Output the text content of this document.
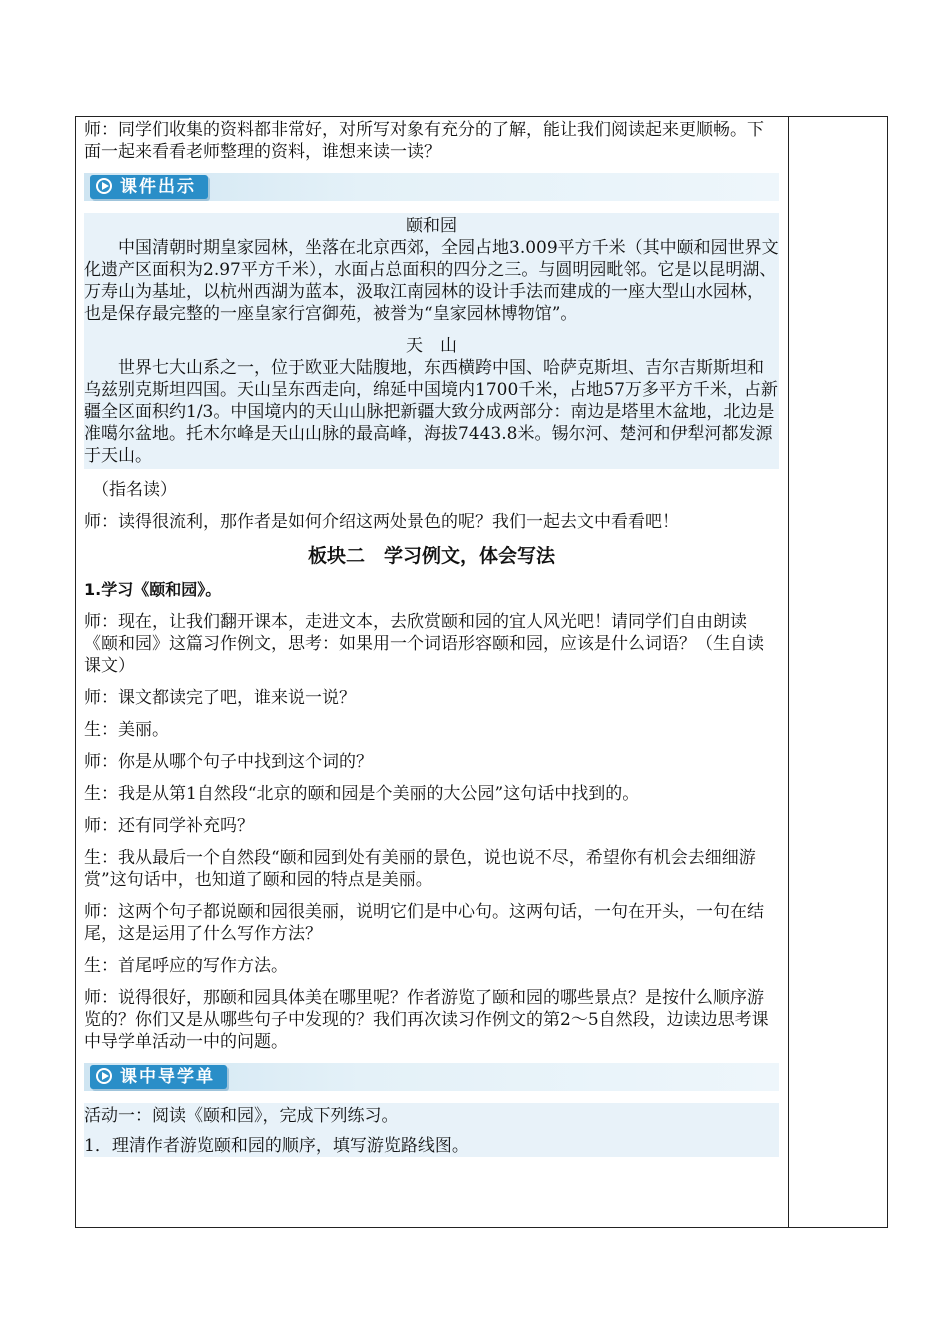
师：同学们收集的资料都非常好，对所写对象有充分的了解，能让我们阅读起来更顺畅。下面一起来看看老师整理的资料，谁想来读一读？

课件出示

颐和园

中国清朝时期皇家园林，坐落在北京西郊，全园占地3.009平方千米（其中颐和园世界文化遗产区面积为2.97平方千米），水面占总面积的四分之三。与圆明园毗邻。它是以昆明湖、万寿山为基址，以杭州西湖为蓝本，汲取江南园林的设计手法而建成的一座大型山水园林，也是保存最完整的一座皇家行宫御苑，被誉为“皇家园林博物馆”。

天　山

世界七大山系之一，位于欧亚大陆腹地，东西横跨中国、哈萨克斯坦、吉尔吉斯斯坦和乌兹别克斯坦四国。天山呈东西走向，绵延中国境内1700千米，占地57万多平方千米，占新疆全区面积约1/3。中国境内的天山山脉把新疆大致分成两部分：南边是塔里木盆地，北边是准噶尔盆地。托木尔峰是天山山脉的最高峰，海拔7443.8米。锡尔河、楚河和伊犁河都发源于天山。

（指名读）

师：读得很流利，那作者是如何介绍这两处景色的呢？我们一起去文中看看吧！

板块二　学习例文，体会写法

1.学习《颐和园》。

师：现在，让我们翻开课本，走进文本，去欣赏颐和园的宜人风光吧！请同学们自由朗读《颐和园》这篇习作例文，思考：如果用一个词语形容颐和园，应该是什么词语？（生自读课文）

师：课文都读完了吧，谁来说一说？

生：美丽。

师：你是从哪个句子中找到这个词的？

生：我是从第1自然段“北京的颐和园是个美丽的大公园”这句话中找到的。

师：还有同学补充吗？

生：我从最后一个自然段“颐和园到处有美丽的景色，说也说不尽，希望你有机会去细细游赏”这句话中，也知道了颐和园的特点是美丽。

师：这两个句子都说颐和园很美丽，说明它们是中心句。这两句话，一句在开头，一句在结尾，这是运用了什么写作方法？

生：首尾呼应的写作方法。

师：说得很好，那颐和园具体美在哪里呢？作者游览了颐和园的哪些景点？是按什么顺序游览的？你们又是从哪些句子中发现的？我们再次读习作例文的第2～5自然段，边读边思考课中导学单活动一中的问题。

课中导学单

活动一：阅读《颐和园》，完成下列练习。

1．理清作者游览颐和园的顺序，填写游览路线图。
